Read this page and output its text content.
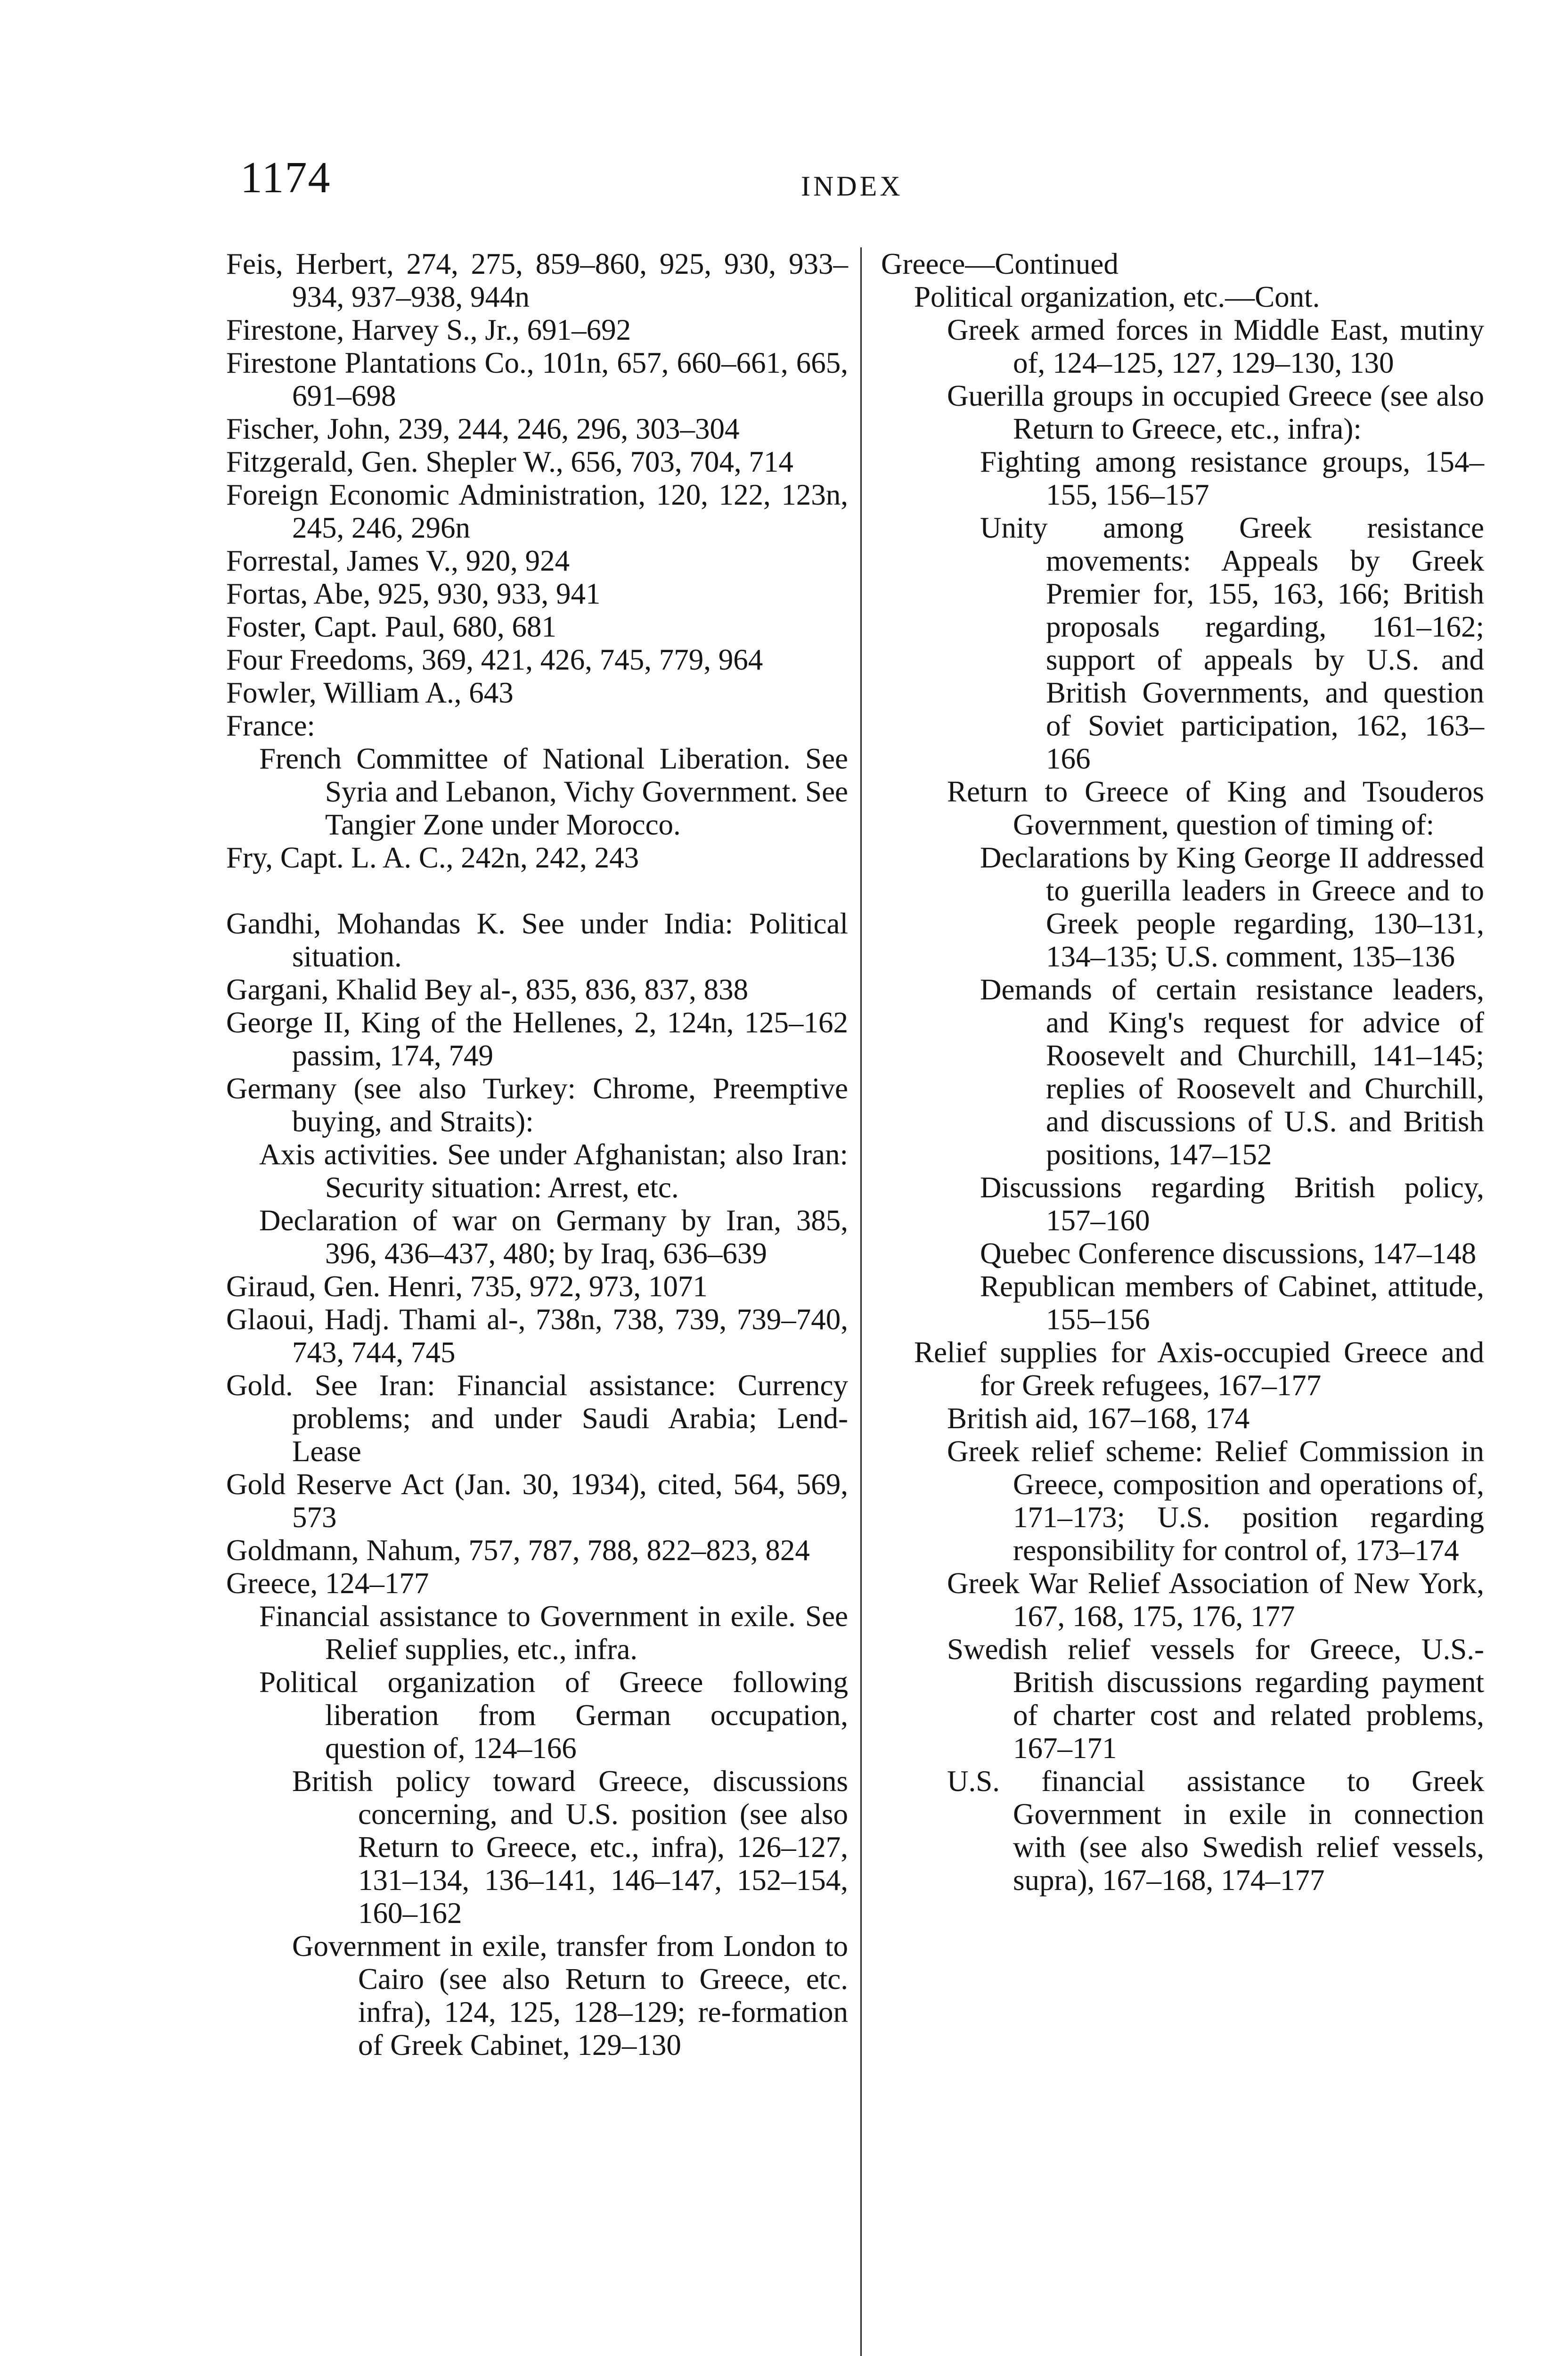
1174	INDEX
Feis, Herbert, 274, 275, 859–860, 925, 930, 933–934, 937–938, 944n
Firestone, Harvey S., Jr., 691–692
Firestone Plantations Co., 101n, 657, 660–661, 665, 691–698
Fischer, John, 239, 244, 246, 296, 303–304
Fitzgerald, Gen. Shepler W., 656, 703, 704, 714
Foreign Economic Administration, 120, 122, 123n, 245, 246, 296n
Forrestal, James V., 920, 924
Fortas, Abe, 925, 930, 933, 941
Foster, Capt. Paul, 680, 681
Four Freedoms, 369, 421, 426, 745, 779, 964
Fowler, William A., 643
France:
French Committee of National Liberation. See Syria and Lebanon, Vichy Government. See Tangier Zone under Morocco.
Fry, Capt. L. A. C., 242n, 242, 243
Gandhi, Mohandas K. See under India: Political situation.
Gargani, Khalid Bey al-, 835, 836, 837, 838
George II, King of the Hellenes, 2, 124n, 125–162 passim, 174, 749
Germany (see also Turkey: Chrome, Preemptive buying, and Straits):
Axis activities. See under Afghanistan; also Iran: Security situation: Arrest, etc.
Declaration of war on Germany by Iran, 385, 396, 436–437, 480; by Iraq, 636–639
Giraud, Gen. Henri, 735, 972, 973, 1071
Glaoui, Hadj. Thami al-, 738n, 738, 739, 739–740, 743, 744, 745
Gold. See Iran: Financial assistance: Currency problems; and under Saudi Arabia; Lend-Lease
Gold Reserve Act (Jan. 30, 1934), cited, 564, 569, 573
Goldmann, Nahum, 757, 787, 788, 822–823, 824
Greece, 124–177
Financial assistance to Government in exile. See Relief supplies, etc., infra.
Political organization of Greece following liberation from German occupation, question of, 124–166
British policy toward Greece, discussions concerning, and U.S. position (see also Return to Greece, etc., infra), 126–127, 131–134, 136–141, 146–147, 152–154, 160–162
Government in exile, transfer from London to Cairo (see also Return to Greece, etc. infra), 124, 125, 128–129; re-formation of Greek Cabinet, 129–130
Greece—Continued
Political organization, etc.—Cont.
Greek armed forces in Middle East, mutiny of, 124–125, 127, 129–130, 130
Guerilla groups in occupied Greece (see also Return to Greece, etc., infra):
Fighting among resistance groups, 154–155, 156–157
Unity among Greek resistance movements: Appeals by Greek Premier for, 155, 163, 166; British proposals regarding, 161–162; support of appeals by U.S. and British Governments, and question of Soviet participation, 162, 163–166
Return to Greece of King and Tsouderos Government, question of timing of:
Declarations by King George II addressed to guerilla leaders in Greece and to Greek people regarding, 130–131, 134–135; U.S. comment, 135–136
Demands of certain resistance leaders, and King's request for advice of Roosevelt and Churchill, 141–145; replies of Roosevelt and Churchill, and discussions of U.S. and British positions, 147–152
Discussions regarding British policy, 157–160
Quebec Conference discussions, 147–148
Republican members of Cabinet, attitude, 155–156
Relief supplies for Axis-occupied Greece and for Greek refugees, 167–177
British aid, 167–168, 174
Greek relief scheme: Relief Commission in Greece, composition and operations of, 171–173; U.S. position regarding responsibility for control of, 173–174
Greek War Relief Association of New York, 167, 168, 175, 176, 177
Swedish relief vessels for Greece, U.S.-British discussions regarding payment of charter cost and related problems, 167–171
U.S. financial assistance to Greek Government in exile in connection with (see also Swedish relief vessels, supra), 167–168, 174–177
